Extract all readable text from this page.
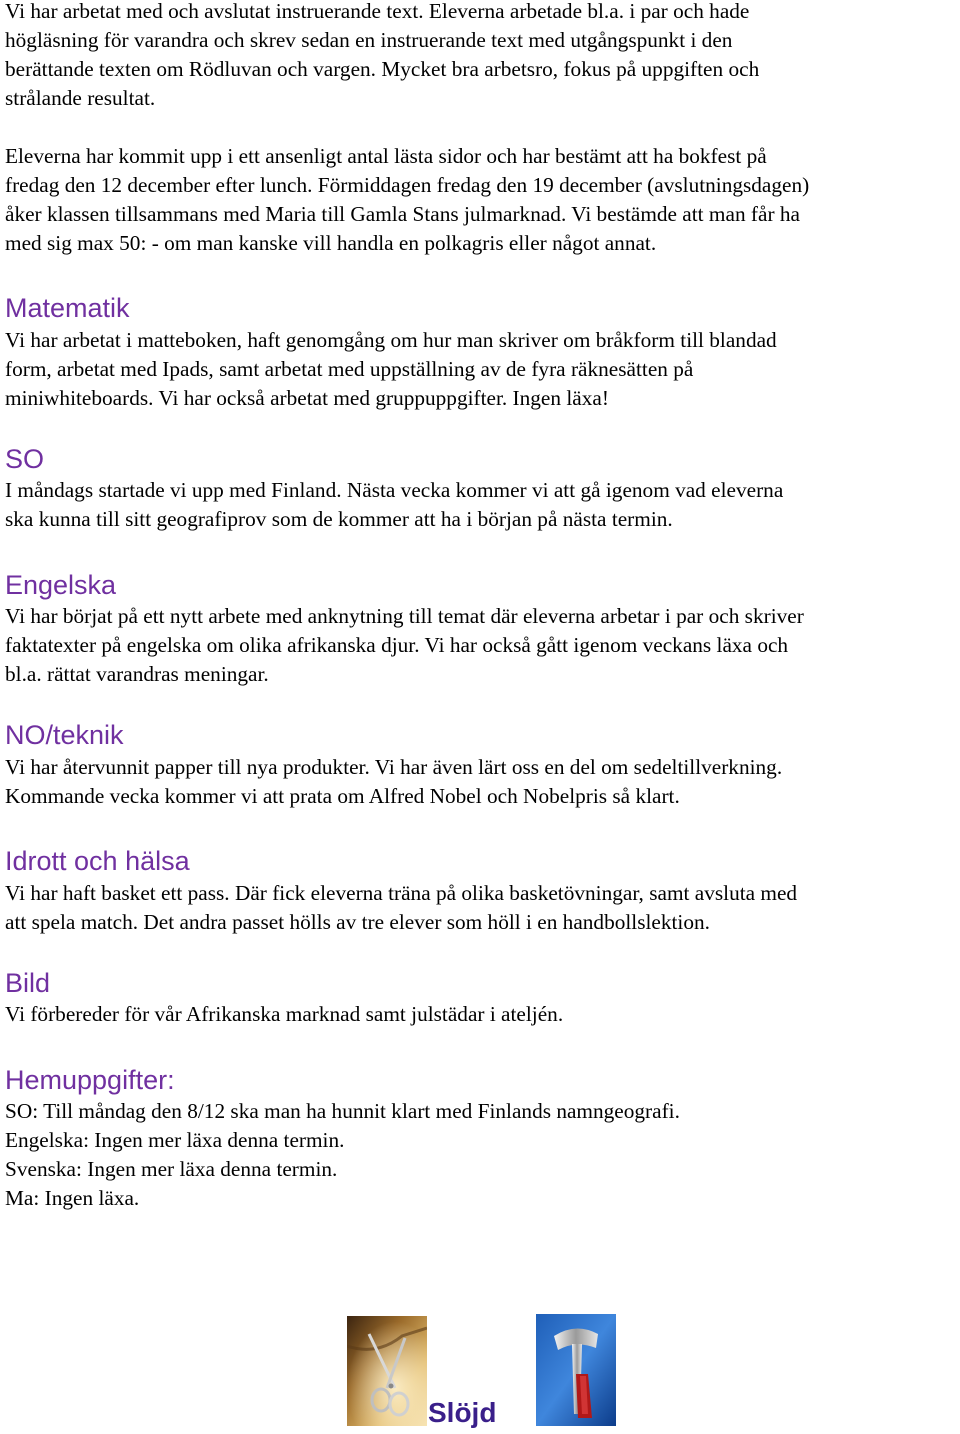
Vi har arbetat med och avslutat instruerande text. Eleverna arbetade bl.a. i par och hade
högläsning för varandra och skrev sedan en instruerande text med utgångspunkt i den
berättande texten om Rödluvan och vargen. Mycket bra arbetsro, fokus på uppgiften och
strålande resultat.

Eleverna har kommit upp i ett ansenligt antal lästa sidor och har bestämt att ha bokfest på
fredag den 12 december efter lunch. Förmiddagen fredag den 19 december (avslutningsdagen)
åker klassen tillsammans med Maria till Gamla Stans julmarknad. Vi bestämde att man får ha
med sig max 50: - om man kanske vill handla en polkagris eller något annat.

Matematik

Vi har arbetat i matteboken, haft genomgång om hur man skriver om bråkform till blandad
form, arbetat med Ipads, samt arbetat med uppställning av de fyra räknesätten på
miniwhiteboards. Vi har också arbetat med gruppuppgifter. Ingen läxa!

SO

I måndags startade vi upp med Finland. Nästa vecka kommer vi att gå igenom vad eleverna
ska kunna till sitt geografiprov som de kommer att ha i början på nästa termin.

Engelska

Vi har börjat på ett nytt arbete med anknytning till temat där eleverna arbetar i par och skriver
faktatexter på engelska om olika afrikanska djur. Vi har också gått igenom veckans läxa och
bl.a. rättat varandras meningar.

NO/teknik

Vi har återvunnit papper till nya produkter. Vi har även lärt oss en del om sedeltillverkning.
Kommande vecka kommer vi att prata om Alfred Nobel och Nobelpris så klart.

Idrott och hälsa

Vi har haft basket ett pass. Där fick eleverna träna på olika basketövningar, samt avsluta med
att spela match. Det andra passet hölls av tre elever som höll i en handbollslektion.

Bild

Vi förbereder för vår Afrikanska marknad samt julstädar i ateljén.

Hemuppgifter:

SO: Till måndag den 8/12 ska man ha hunnit klart med Finlands namngeografi.
Engelska: Ingen mer läxa denna termin.
Svenska: Ingen mer läxa denna termin.
Ma: Ingen läxa.

Slöjd
